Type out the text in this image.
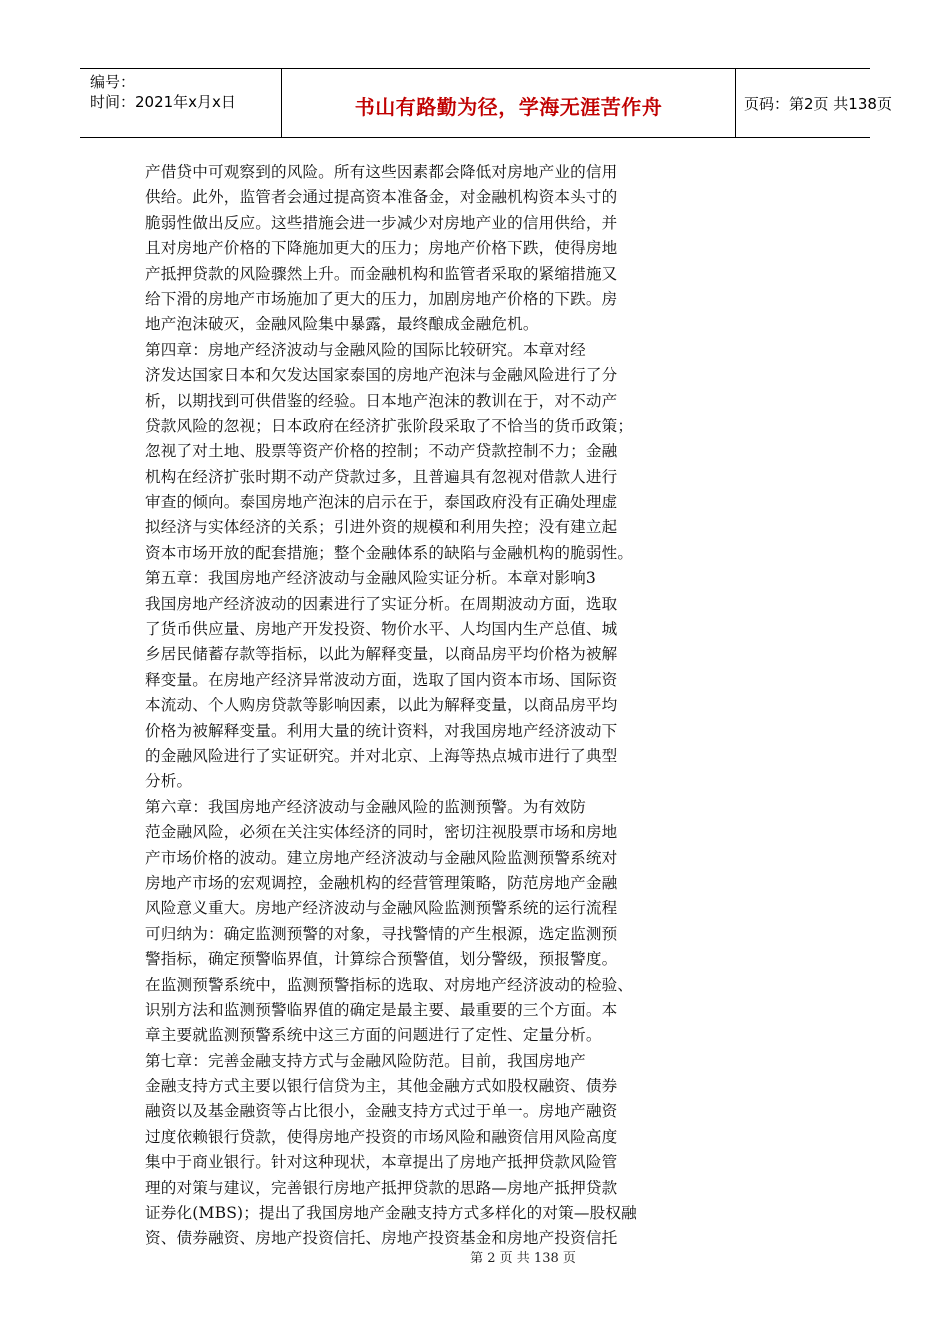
编号：
时间：2021年x月x日	书山有路勤为径，学海无涯苦作舟	页码：第2页 共138页
产借贷中可观察到的风险。所有这些因素都会降低对房地产业的信用
供给。此外，监管者会通过提高资本准备金，对金融机构资本头寸的
脆弱性做出反应。这些措施会进一步减少对房地产业的信用供给，并
且对房地产价格的下降施加更大的压力；房地产价格下跌，使得房地
产抵押贷款的风险骤然上升。而金融机构和监管者采取的紧缩措施又
给下滑的房地产市场施加了更大的压力，加剧房地产价格的下跌。房
地产泡沫破灭，金融风险集中暴露，最终酿成金融危机。
第四章：房地产经济波动与金融风险的国际比较研究。本章对经
济发达国家日本和欠发达国家泰国的房地产泡沫与金融风险进行了分
析，以期找到可供借鉴的经验。日本地产泡沫的教训在于，对不动产
贷款风险的忽视；日本政府在经济扩张阶段采取了不恰当的货币政策；
忽视了对土地、股票等资产价格的控制；不动产贷款控制不力；金融
机构在经济扩张时期不动产贷款过多，且普遍具有忽视对借款人进行
审查的倾向。泰国房地产泡沫的启示在于，泰国政府没有正确处理虚
拟经济与实体经济的关系；引进外资的规模和利用失控；没有建立起
资本市场开放的配套措施；整个金融体系的缺陷与金融机构的脆弱性。
第五章：我国房地产经济波动与金融风险实证分析。本章对影响3
我国房地产经济波动的因素进行了实证分析。在周期波动方面，选取
了货币供应量、房地产开发投资、物价水平、人均国内生产总值、城
乡居民储蓄存款等指标，以此为解释变量，以商品房平均价格为被解
释变量。在房地产经济异常波动方面，选取了国内资本市场、国际资
本流动、个人购房贷款等影响因素，以此为解释变量，以商品房平均
价格为被解释变量。利用大量的统计资料，对我国房地产经济波动下
的金融风险进行了实证研究。并对北京、上海等热点城市进行了典型
分析。
第六章：我国房地产经济波动与金融风险的监测预警。为有效防
范金融风险，必须在关注实体经济的同时，密切注视股票市场和房地
产市场价格的波动。建立房地产经济波动与金融风险监测预警系统对
房地产市场的宏观调控，金融机构的经营管理策略，防范房地产金融
风险意义重大。房地产经济波动与金融风险监测预警系统的运行流程
可归纳为：确定监测预警的对象，寻找警情的产生根源，选定监测预
警指标，确定预警临界值，计算综合预警值，划分警级，预报警度。
在监测预警系统中，监测预警指标的选取、对房地产经济波动的检验、
识别方法和监测预警临界值的确定是最主要、最重要的三个方面。本
章主要就监测预警系统中这三方面的问题进行了定性、定量分析。
第七章：完善金融支持方式与金融风险防范。目前，我国房地产
金融支持方式主要以银行信贷为主，其他金融方式如股权融资、债券
融资以及基金融资等占比很小，金融支持方式过于单一。房地产融资
过度依赖银行贷款，使得房地产投资的市场风险和融资信用风险高度
集中于商业银行。针对这种现状，本章提出了房地产抵押贷款风险管
理的对策与建议，完善银行房地产抵押贷款的思路—房地产抵押贷款
证券化(MBS)；提出了我国房地产金融支持方式多样化的对策—股权融
资、债券融资、房地产投资信托、房地产投资基金和房地产投资信托
第 2 页 共 138 页
